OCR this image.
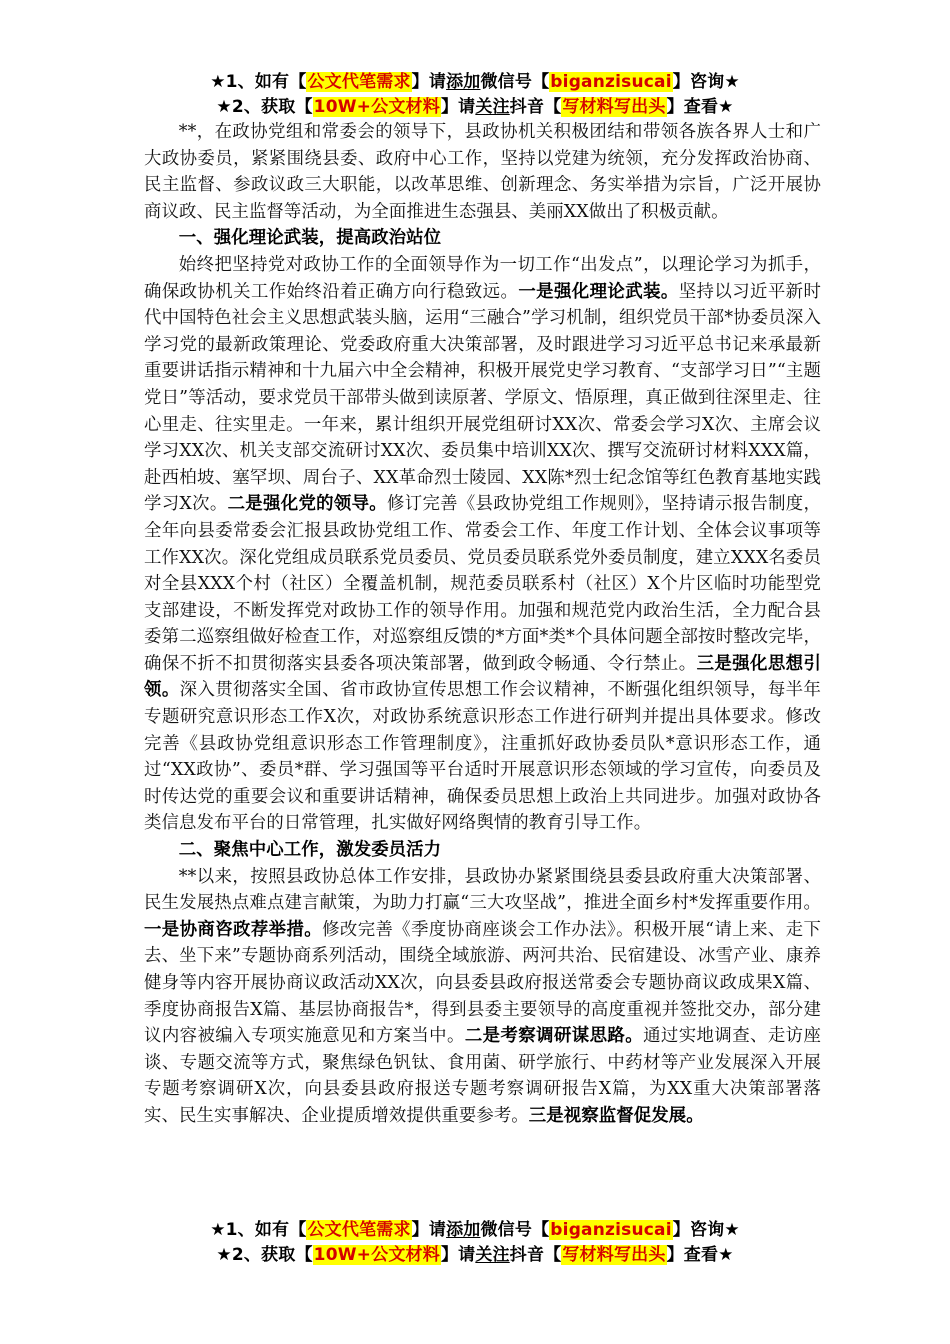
★1、如有【公文代笔需求】请添加微信号【biganzisucai】咨询★
★2、获取【10W+公文材料】请关注抖音【写材料写出头】查看★

**，在政协党组和常委会的领导下，县政协机关积极团结和带领各族各界人士和广大政协委员，紧紧围绕县委、政府中心工作，坚持以党建为统领，充分发挥政治协商、民主监督、参政议政三大职能，以改革思维、创新理念、务实举措为宗旨，广泛开展协商议政、民主监督等活动，为全面推进生态强县、美丽XX做出了积极贡献。

一、强化理论武装，提高政治站位

始终把坚持党对政协工作的全面领导作为一切工作“出发点”，以理论学习为抓手，确保政协机关工作始终沿着正确方向行稳致远。一是强化理论武装。坚持以习近平新时代中国特色社会主义思想武装头脑，运用“三融合”学习机制，组织党员干部*协委员深入学习党的最新政策理论、党委政府重大决策部署，及时跟进学习习近平总书记来承最新重要讲话指示精神和十九届六中全会精神，积极开展党史学习教育、“支部学习日”“主题党日”等活动，要求党员干部带头做到读原著、学原文、悟原理，真正做到往深里走、往心里走、往实里走。一年来，累计组织开展党组研讨XX次、常委会学习X次、主席会议学习XX次、机关支部交流研讨XX次、委员集中培训XX次、撰写交流研讨材料XXX篇，赴西柏坡、塞罕坝、周台子、XX革命烈士陵园、XX陈*烈士纪念馆等红色教育基地实践学习X次。二是强化党的领导。修订完善《县政协党组工作规则》，坚持请示报告制度，全年向县委常委会汇报县政协党组工作、常委会工作、年度工作计划、全体会议事项等工作XX次。深化党组成员联系党员委员、党员委员联系党外委员制度，建立XXX名委员对全县XXX个村（社区）全覆盖机制，规范委员联系村（社区）X个片区临时功能型党支部建设，不断发挥党对政协工作的领导作用。加强和规范党内政治生活，全力配合县委第二巡察组做好检查工作，对巡察组反馈的*方面*类*个具体问题全部按时整改完毕，确保不折不扣贯彻落实县委各项决策部署，做到政令畅通、令行禁止。三是强化思想引领。深入贯彻落实全国、省市政协宣传思想工作会议精神，不断强化组织领导，每半年专题研究意识形态工作X次，对政协系统意识形态工作进行研判并提出具体要求。修改完善《县政协党组意识形态工作管理制度》，注重抓好政协委员队*意识形态工作，通过“XX政协”、委员*群、学习强国等平台适时开展意识形态领域的学习宣传，向委员及时传达党的重要会议和重要讲话精神，确保委员思想上政治上共同进步。加强对政协各类信息发布平台的日常管理，扎实做好网络舆情的教育引导工作。

二、聚焦中心工作，激发委员活力

**以来，按照县政协总体工作安排，县政协办紧紧围绕县委县政府重大决策部署、民生发展热点难点建言献策，为助力打赢“三大攻坚战”，推进全面乡村*发挥重要作用。一是协商咨政荐举措。修改完善《季度协商座谈会工作办法》。积极开展“请上来、走下去、坐下来”专题协商系列活动，围绕全域旅游、两河共治、民宿建设、冰雪产业、康养健身等内容开展协商议政活动XX次，向县委县政府报送常委会专题协商议政成果X篇、季度协商报告X篇、基层协商报告*，得到县委主要领导的高度重视并签批交办，部分建议内容被编入专项实施意见和方案当中。二是考察调研谋思路。通过实地调查、走访座谈、专题交流等方式，聚焦绿色钒钛、食用菌、研学旅行、中药材等产业发展深入开展专题考察调研X次，向县委县政府报送专题考察调研报告X篇，为XX重大决策部署落实、民生实事解决、企业提质增效提供重要参考。三是视察监督促发展。

★1、如有【公文代笔需求】请添加微信号【biganzisucai】咨询★
★2、获取【10W+公文材料】请关注抖音【写材料写出头】查看★
